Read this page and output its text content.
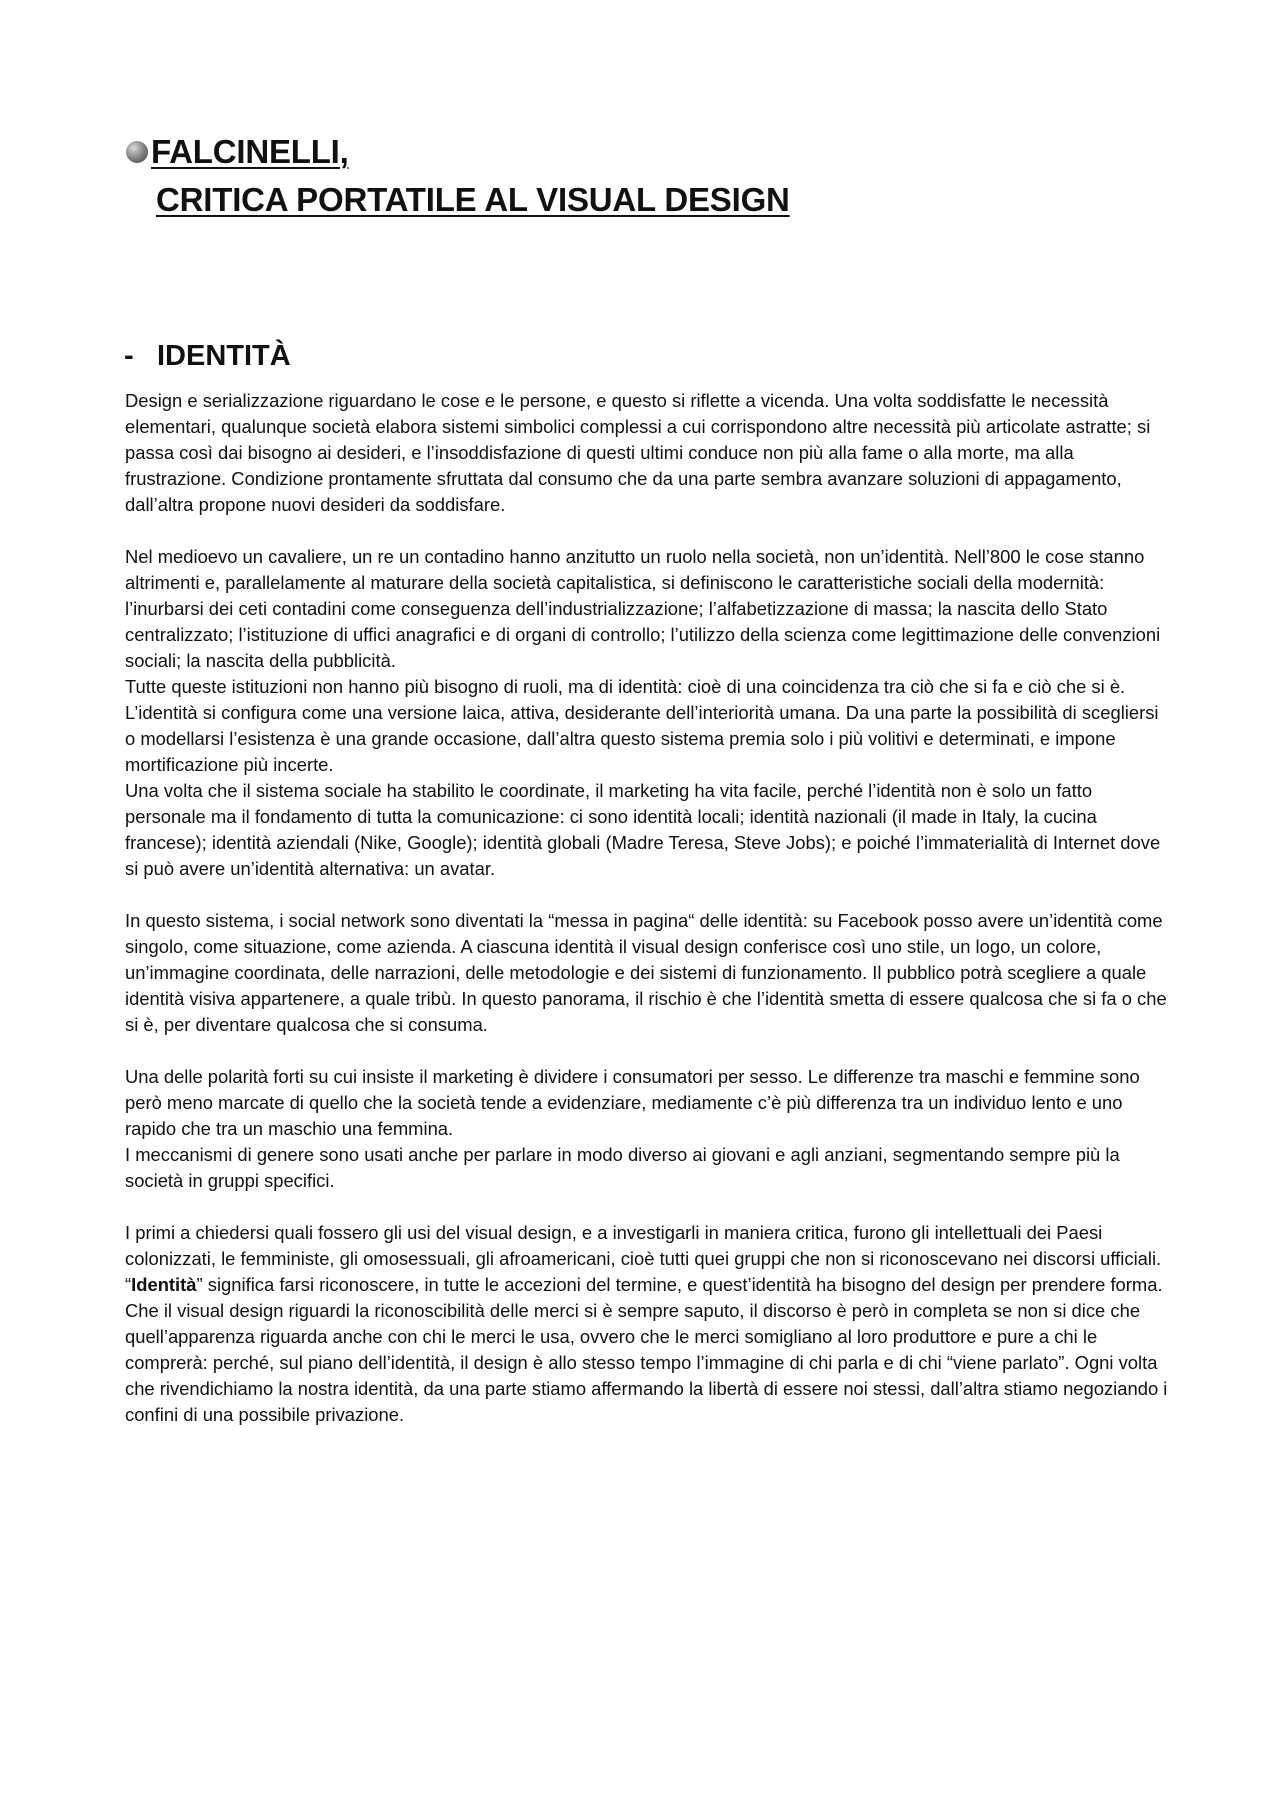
FALCINELLI,
CRITICA PORTATILE AL VISUAL DESIGN
- IDENTITÀ

Design e serializzazione riguardano le cose e le persone, e questo si riflette a vicenda. Una volta soddisfatte le necessità elementari, qualunque società elabora sistemi simbolici complessi a cui corrispondono altre necessità più articolate astratte; si passa così dai bisogno ai desideri, e l’insoddisfazione di questi ultimi conduce non più alla fame o alla morte, ma alla frustrazione. Condizione prontamente sfruttata dal consumo che da una parte sembra avanzare soluzioni di appagamento, dall’altra propone nuovi desideri da soddisfare.

Nel medioevo un cavaliere, un re un contadino hanno anzitutto un ruolo nella società, non un’identità. Nell’800 le cose stanno altrimenti e, parallelamente al maturare della società capitalistica, si definiscono le caratteristiche sociali della modernità: l’inurbarsi dei ceti contadini come conseguenza dell’industrializzazione; l’alfabetizzazione di massa; la nascita dello Stato centralizzato; l’istituzione di uffici anagrafici e di organi di controllo; l’utilizzo della scienza come legittimazione delle convenzioni sociali; la nascita della pubblicità.

Tutte queste istituzioni non hanno più bisogno di ruoli, ma di identità: cioè di una coincidenza tra ciò che si fa e ciò che si è. L’identità si configura come una versione laica, attiva, desiderante dell’interiorità umana. Da una parte la possibilità di scegliersi o modellarsi l’esistenza è una grande occasione, dall’altra questo sistema premia solo i più volitivi e determinati, e impone mortificazione più incerte.

Una volta che il sistema sociale ha stabilito le coordinate, il marketing ha vita facile, perché l’identità non è solo un fatto personale ma il fondamento di tutta la comunicazione: ci sono identità locali; identità nazionali (il made in Italy, la cucina francese); identità aziendali (Nike, Google); identità globali (Madre Teresa, Steve Jobs); e poiché l’immaterialità di Internet dove si può avere un’identità alternativa: un avatar.

In questo sistema, i social network sono diventati la “messa in pagina“ delle identità: su Facebook posso avere un’identità come singolo, come situazione, come azienda. A ciascuna identità il visual design conferisce così uno stile, un logo, un colore, un’immagine coordinata, delle narrazioni, delle metodologie e dei sistemi di funzionamento. Il pubblico potrà scegliere a quale identità visiva appartenere, a quale tribù. In questo panorama, il rischio è che l’identità smetta di essere qualcosa che si fa o che si è, per diventare qualcosa che si consuma.

Una delle polarità forti su cui insiste il marketing è dividere i consumatori per sesso. Le differenze tra maschi e femmine sono però meno marcate di quello che la società tende a evidenziare, mediamente c’è più differenza tra un individuo lento e uno rapido che tra un maschio una femmina.

I meccanismi di genere sono usati anche per parlare in modo diverso ai giovani e agli anziani, segmentando sempre più la società in gruppi specifici.

I primi a chiedersi quali fossero gli usi del visual design, e a investigarli in maniera critica, furono gli intellettuali dei Paesi colonizzati, le femministe, gli omosessuali, gli afroamericani, cioè tutti quei gruppi che non si riconoscevano nei discorsi ufficiali. “Identità” significa farsi riconoscere, in tutte le accezioni del termine, e quest’identità ha bisogno del design per prendere forma. Che il visual design riguardi la riconoscibilità delle merci si è sempre saputo, il discorso è però in completa se non si dice che quell’apparenza riguarda anche con chi le merci le usa, ovvero che le merci somigliano al loro produttore e pure a chi le comprerà: perché, sul piano dell’identità, il design è allo stesso tempo l’immagine di chi parla e di chi “viene parlato”. Ogni volta che rivendichiamo la nostra identità, da una parte stiamo affermando la libertà di essere noi stessi, dall’altra stiamo negoziando i confini di una possibile privazione.
